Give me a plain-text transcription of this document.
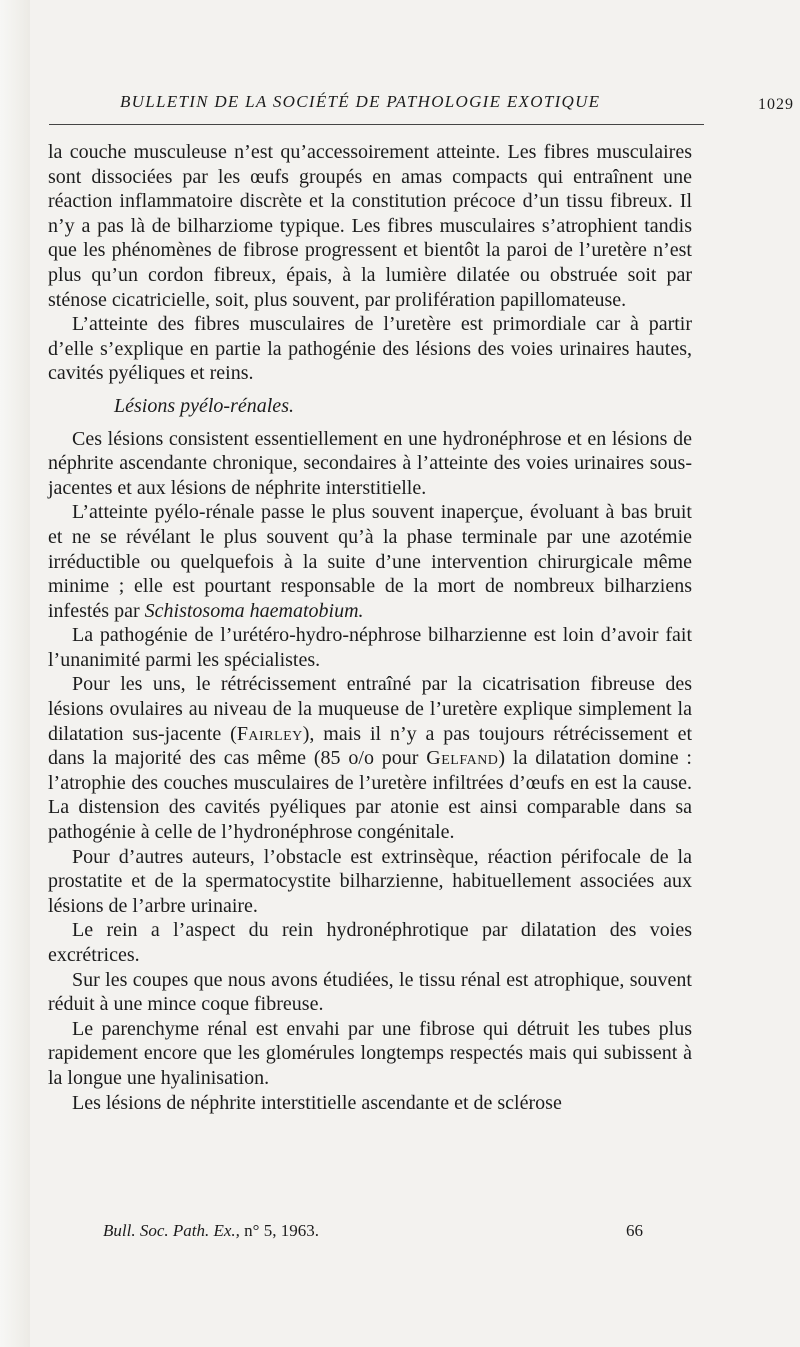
BULLETIN DE LA SOCIÉTÉ DE PATHOLOGIE EXOTIQUE	1029

la couche musculeuse n’est qu’accessoirement atteinte. Les fibres musculaires sont dissociées par les œufs groupés en amas compacts qui entraînent une réaction inflammatoire discrète et la constitution précoce d’un tissu fibreux. Il n’y a pas là de bilharziome typique. Les fibres musculaires s’atrophient tandis que les phénomènes de fibrose progressent et bientôt la paroi de l’uretère n’est plus qu’un cordon fibreux, épais, à la lumière dilatée ou obstruée soit par sténose cicatricielle, soit, plus souvent, par prolifération papillomateuse.

L’atteinte des fibres musculaires de l’uretère est primordiale car à partir d’elle s’explique en partie la pathogénie des lésions des voies urinaires hautes, cavités pyéliques et reins.

Lésions pyélo-rénales.

Ces lésions consistent essentiellement en une hydronéphrose et en lésions de néphrite ascendante chronique, secondaires à l’atteinte des voies urinaires sous-jacentes et aux lésions de néphrite interstitielle.

L’atteinte pyélo-rénale passe le plus souvent inaperçue, évoluant à bas bruit et ne se révélant le plus souvent qu’à la phase terminale par une azotémie irréductible ou quelquefois à la suite d’une intervention chirurgicale même minime ; elle est pourtant responsable de la mort de nombreux bilharziens infestés par Schistosoma haematobium.

La pathogénie de l’urétéro-hydro-néphrose bilharzienne est loin d’avoir fait l’unanimité parmi les spécialistes.

Pour les uns, le rétrécissement entraîné par la cicatrisation fibreuse des lésions ovulaires au niveau de la muqueuse de l’uretère explique simplement la dilatation sus-jacente (Fairley), mais il n’y a pas toujours rétrécissement et dans la majorité des cas même (85 o/o pour Gelfand) la dilatation domine : l’atrophie des couches musculaires de l’uretère infiltrées d’œufs en est la cause. La distension des cavités pyéliques par atonie est ainsi comparable dans sa pathogénie à celle de l’hydronéphrose congénitale.

Pour d’autres auteurs, l’obstacle est extrinsèque, réaction périfocale de la prostatite et de la spermatocystite bilharzienne, habituellement associées aux lésions de l’arbre urinaire.

Le rein a l’aspect du rein hydronéphrotique par dilatation des voies excrétrices.

Sur les coupes que nous avons étudiées, le tissu rénal est atrophique, souvent réduit à une mince coque fibreuse.

Le parenchyme rénal est envahi par une fibrose qui détruit les tubes plus rapidement encore que les glomérules longtemps respectés mais qui subissent à la longue une hyalinisation.

Les lésions de néphrite interstitielle ascendante et de sclérose

Bull. Soc. Path. Ex., n° 5, 1963.	66
